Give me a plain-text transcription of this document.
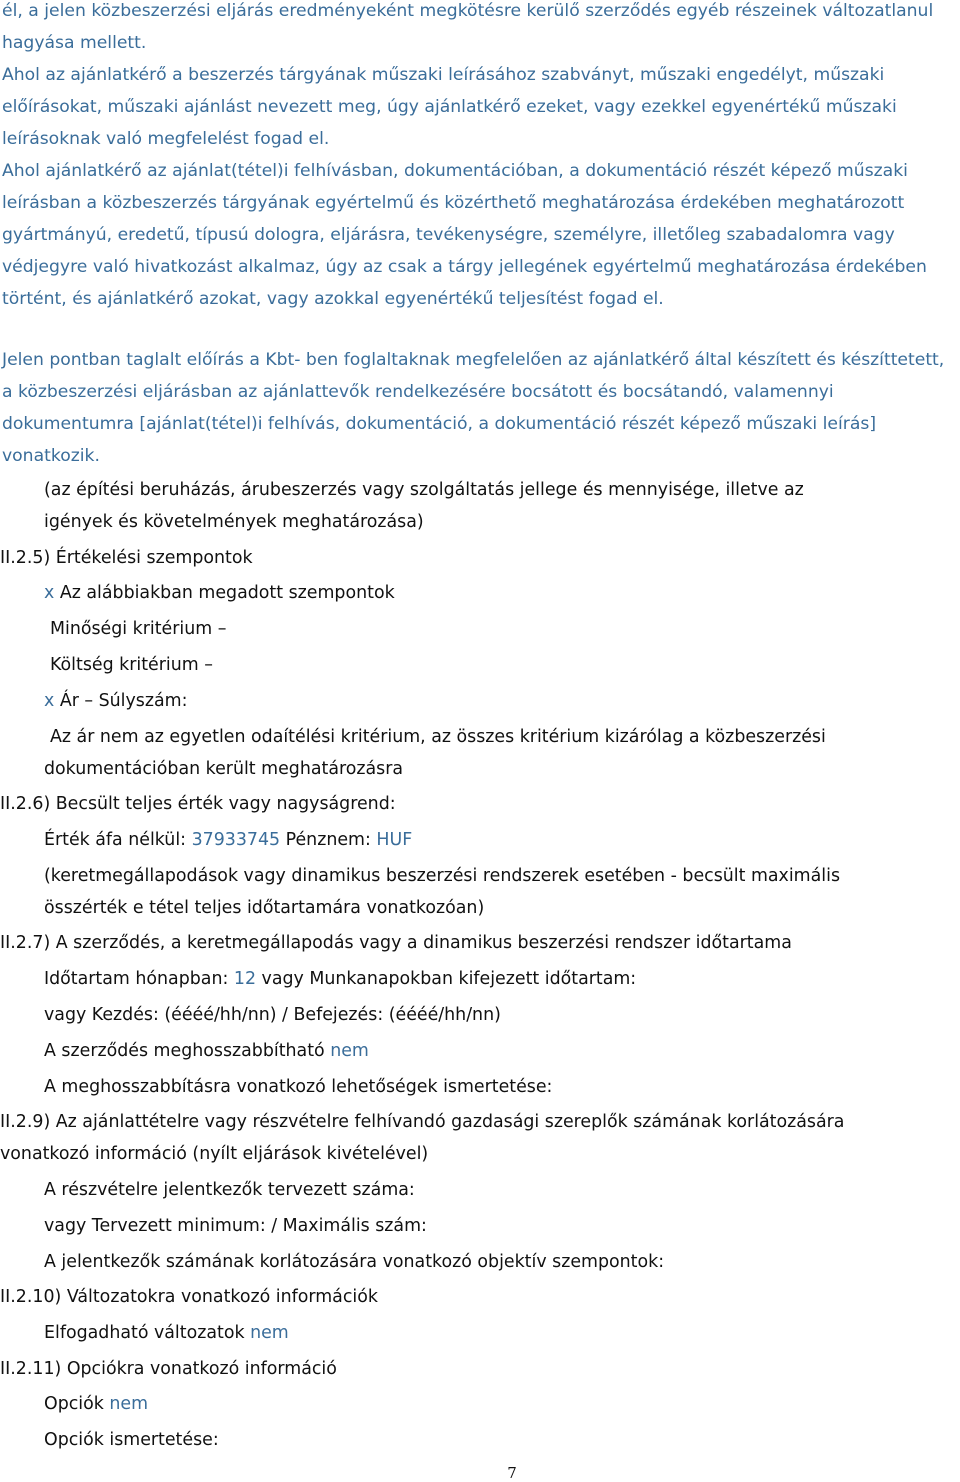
él, a jelen közbeszerzési eljárás eredményeként megkötésre kerülő szerződés egyéb részeinek változatlanul hagyása mellett.

Ahol az ajánlatkérő a beszerzés tárgyának műszaki leírásához szabványt, műszaki engedélyt, műszaki előírásokat, műszaki ajánlást nevezett meg, úgy ajánlatkérő ezeket, vagy ezekkel egyenértékű műszaki leírásoknak való megfelelést fogad el.

Ahol ajánlatkérő az ajánlat(tétel)i felhívásban, dokumentációban, a dokumentáció részét képező műszaki leírásban a közbeszerzés tárgyának egyértelmű és közérthető meghatározása érdekében meghatározott gyártmányú, eredetű, típusú dologra, eljárásra, tevékenységre, személyre, illetőleg szabadalomra vagy védjegyre való hivatkozást alkalmaz, úgy az csak a tárgy jellegének egyértelmű meghatározása érdekében történt, és ajánlatkérő azokat, vagy azokkal egyenértékű teljesítést fogad el.

Jelen pontban taglalt előírás a Kbt- ben foglaltaknak megfelelően az ajánlatkérő által készített és készíttetett, a közbeszerzési eljárásban az ajánlattevők rendelkezésére bocsátott és bocsátandó, valamennyi dokumentumra [ajánlat(tétel)i felhívás, dokumentáció, a dokumentáció részét képező műszaki leírás] vonatkozik.

(az építési beruházás, árubeszerzés vagy szolgáltatás jellege és mennyisége, illetve az

igények és követelmények meghatározása)

II.2.5) Értékelési szempontok

x Az alábbiakban megadott szempontok

Minőségi kritérium –

Költség kritérium –

x Ár – Súlyszám:

Az ár nem az egyetlen odaítélési kritérium, az összes kritérium kizárólag a közbeszerzési

dokumentációban került meghatározásra

II.2.6) Becsült teljes érték vagy nagyságrend:

Érték áfa nélkül: 37933745 Pénznem: HUF

(keretmegállapodások vagy dinamikus beszerzési rendszerek esetében - becsült maximális

összérték e tétel teljes időtartamára vonatkozóan)

II.2.7) A szerződés, a keretmegállapodás vagy a dinamikus beszerzési rendszer időtartama

Időtartam hónapban: 12 vagy Munkanapokban kifejezett időtartam:

vagy Kezdés: (éééé/hh/nn) / Befejezés: (éééé/hh/nn)

A szerződés meghosszabbítható nem

A meghosszabbításra vonatkozó lehetőségek ismertetése:

II.2.9) Az ajánlattételre vagy részvételre felhívandó gazdasági szereplők számának korlátozására

vonatkozó információ (nyílt eljárások kivételével)

A részvételre jelentkezők tervezett száma:

vagy Tervezett minimum: / Maximális szám:

A jelentkezők számának korlátozására vonatkozó objektív szempontok:

II.2.10) Változatokra vonatkozó információk

Elfogadható változatok nem

II.2.11) Opciókra vonatkozó információ

Opciók nem

Opciók ismertetése:

7
